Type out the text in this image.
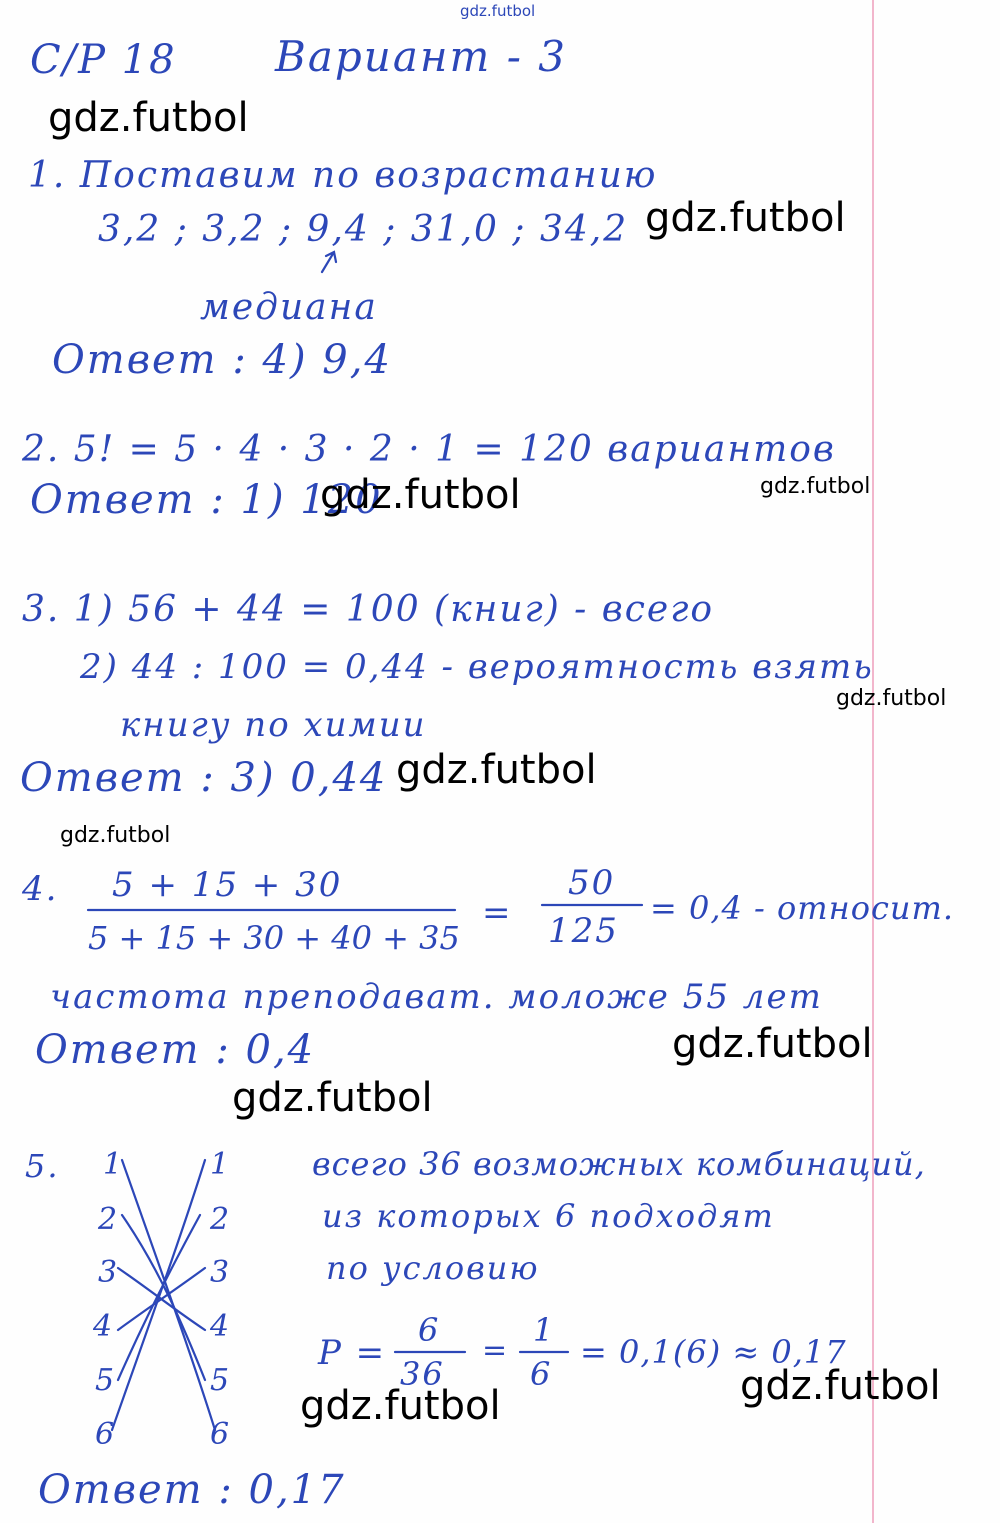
gdz.futbol
С/Р 18 Вариант - 3
1. Поставим по возрастанию
3,2 ; 3,2 ; 9,4 ; 31,0 ; 34,2
медиана
Ответ : 4) 9,4
2. 5! = 5 · 4 · 3 · 2 · 1 = 120 вариантов
Ответ : 1) 120
3. 1) 56 + 44 = 100 (книг) - всего
2) 44 : 100 = 0,44 - вероятность взять
книгу по химии
Ответ : 3) 0,44
4. 5 + 15 + 30
5 + 15 + 30 + 40 + 35
=
50
125
= 0,4 - относит.
частота преподават. моложе 55 лет
Ответ : 0,4
5. 1
2
3
4
5
6
1
2
3
4
5
6
всего 36 возможных комбинаций,
из которых 6 подходят
по условию
P =
6
36
=
1
6
= 0,1(6) ≈ 0,17
Ответ : 0,17
gdz.futbol
gdz.futbol
gdz.futbol	gdz.futbol
gdz.futbol
gdz.futbol
gdz.futbol
gdz.futbol
gdz.futbol
gdz.futbol
gdz.futbol
